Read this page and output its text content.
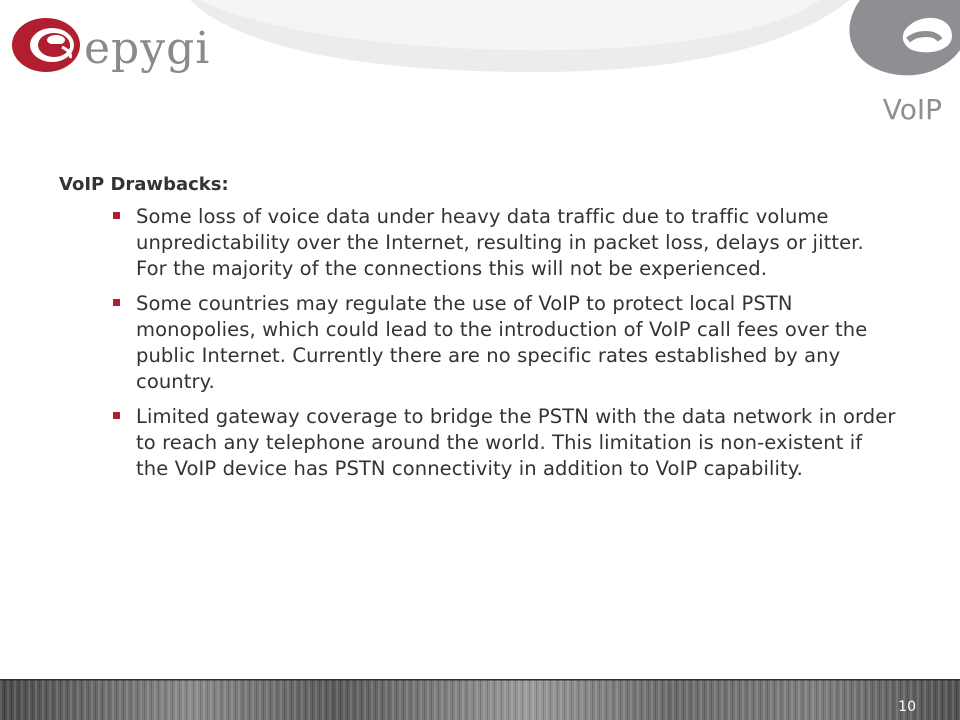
epygi
VoIP
VoIP Drawbacks:
Some loss of voice data under heavy data traffic due to traffic volume unpredictability over the Internet, resulting in packet loss, delays or jitter. For the majority of the connections this will not be experienced.
Some countries may regulate the use of VoIP to protect local PSTN monopolies, which could lead to the introduction of VoIP call fees over the public Internet. Currently there are no specific rates established by any country.
Limited gateway coverage to bridge the PSTN with the data network in order to reach any telephone around the world. This limitation is non-existent if the VoIP device has PSTN connectivity in addition to VoIP capability.
10
